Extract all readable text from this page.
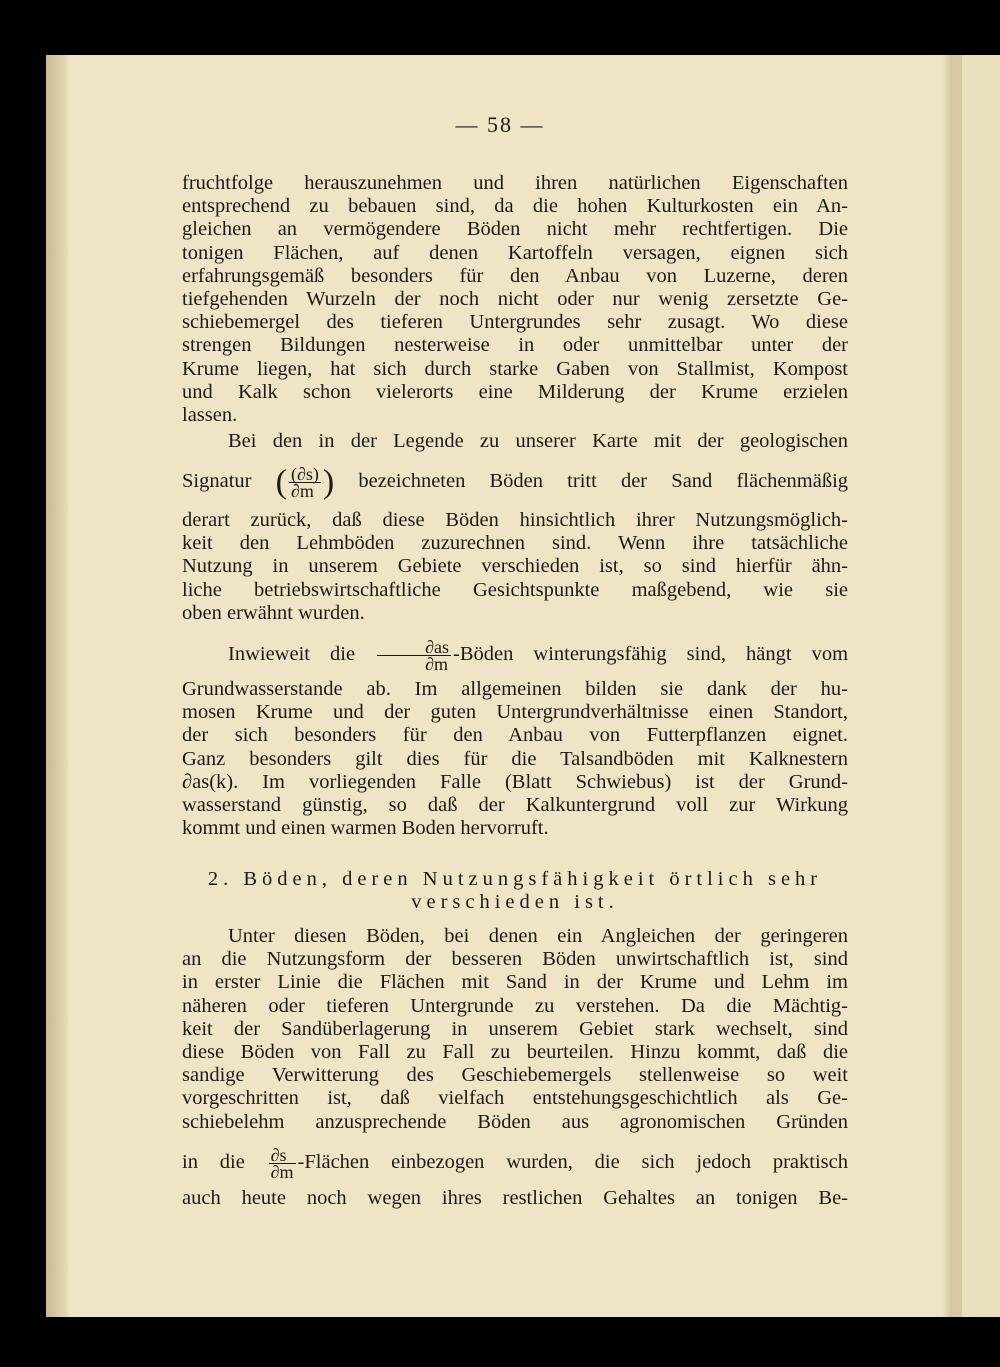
— 58 —

fruchtfolge herauszunehmen und ihren natürlichen Eigenschaften

entsprechend zu bebauen sind, da die hohen Kulturkosten ein An-

gleichen an vermögendere Böden nicht mehr rechtfertigen. Die

tonigen Flächen, auf denen Kartoffeln versagen, eignen sich

erfahrungsgemäß besonders für den Anbau von Luzerne, deren

tiefgehenden Wurzeln der noch nicht oder nur wenig zersetzte Ge-

schiebemergel des tieferen Untergrundes sehr zusagt. Wo diese

strengen Bildungen nesterweise in oder unmittelbar unter der

Krume liegen, hat sich durch starke Gaben von Stallmist, Kompost

und Kalk schon vielerorts eine Milderung der Krume erzielen

lassen.

Bei den in der Legende zu unserer Karte mit der geologischen

Signatur ( $\frac{(\partial s)}{\partial m}$ ) bezeichneten Böden tritt der Sand flächenmäßig

derart zurück, daß diese Böden hinsichtlich ihrer Nutzungsmöglich-

keit den Lehmböden zuzurechnen sind. Wenn ihre tatsächliche

Nutzung in unserem Gebiete verschieden ist, so sind hierfür ähn-

liche betriebswirtschaftliche Gesichtspunkte maßgebend, wie sie

oben erwähnt wurden.

Inwieweit die $\frac{\partial as}{\partial m}$ -Böden winterungsfähig sind, hängt vom

Grundwasserstande ab. Im allgemeinen bilden sie dank der hu-

mosen Krume und der guten Untergrundverhältnisse einen Standort,

der sich besonders für den Anbau von Futterpflanzen eignet.

Ganz besonders gilt dies für die Talsandböden mit Kalknestern

∂as(k). Im vorliegenden Falle (Blatt Schwiebus) ist der Grund-

wasserstand günstig, so daß der Kalkuntergrund voll zur Wirkung

kommt und einen warmen Boden hervorruft.

2. Böden, deren Nutzungsfähigkeit örtlich sehr
verschieden ist.

Unter diesen Böden, bei denen ein Angleichen der geringeren

an die Nutzungsform der besseren Böden unwirtschaftlich ist, sind

in erster Linie die Flächen mit Sand in der Krume und Lehm im

näheren oder tieferen Untergrunde zu verstehen. Da die Mächtig-

keit der Sandüberlagerung in unserem Gebiet stark wechselt, sind

diese Böden von Fall zu Fall zu beurteilen. Hinzu kommt, daß die

sandige Verwitterung des Geschiebemergels stellenweise so weit

vorgeschritten ist, daß vielfach entstehungsgeschichtlich als Ge-

schiebelehm anzusprechende Böden aus agronomischen Gründen

in die $\frac{\partial s}{\partial m}$ -Flächen einbezogen wurden, die sich jedoch praktisch

auch heute noch wegen ihres restlichen Gehaltes an tonigen Be-
